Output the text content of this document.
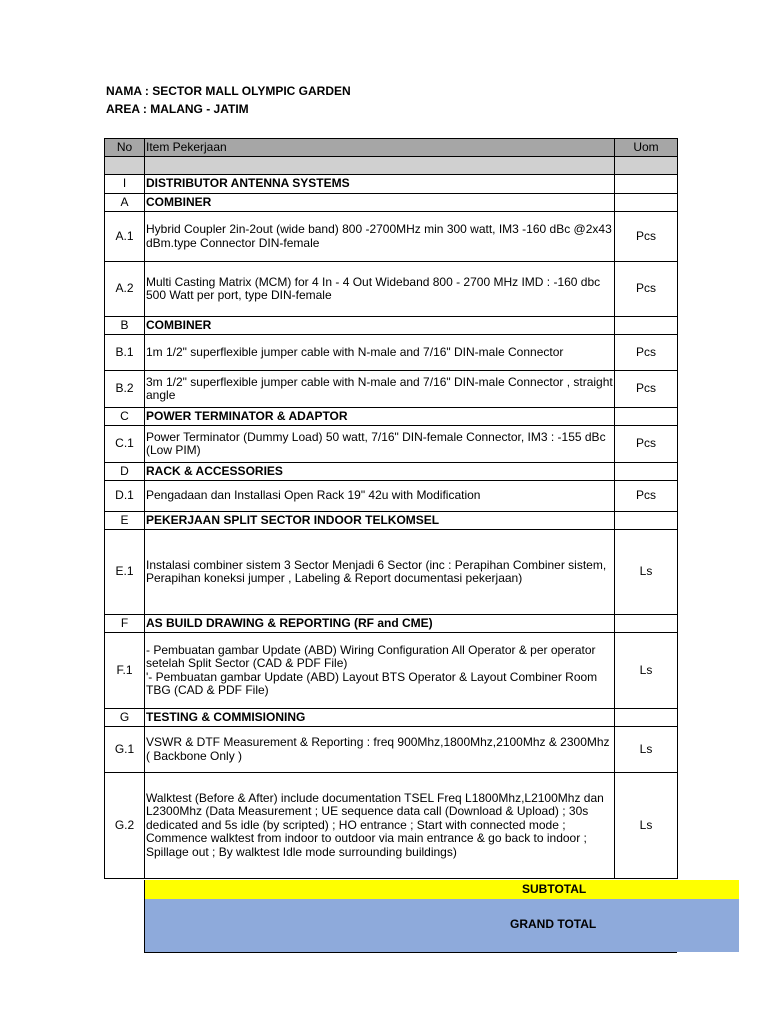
NAMA : SECTOR MALL OLYMPIC GARDEN
AREA : MALANG - JATIM
No	Item Pekerjaan	Uom

I	DISTRIBUTOR ANTENNA SYSTEMS	
A	COMBINER	
A.1	Hybrid Coupler 2in-2out (wide band) 800 -2700MHz min 300 watt, IM3 -160 dBc @2x43 dBm.type Connector DIN-female	Pcs
A.2	Multi Casting Matrix (MCM) for 4 In - 4 Out Wideband 800 - 2700 MHz IMD : -160 dbc 500 Watt per port, type DIN-female	Pcs
B	COMBINER	
B.1	1m 1/2" superflexible jumper cable with N-male and 7/16" DIN-male Connector	Pcs
B.2	3m 1/2" superflexible jumper cable with N-male and 7/16" DIN-male Connector , straight angle	Pcs
C	POWER TERMINATOR & ADAPTOR	
C.1	Power Terminator (Dummy Load) 50 watt, 7/16" DIN-female Connector, IM3 : -155 dBc (Low PIM)	Pcs
D	RACK & ACCESSORIES	
D.1	Pengadaan dan Installasi Open Rack 19" 42u with Modification	Pcs
E	PEKERJAAN SPLIT SECTOR INDOOR TELKOMSEL	
E.1	Instalasi combiner sistem 3 Sector Menjadi 6 Sector (inc : Perapihan Combiner sistem, Perapihan koneksi jumper , Labeling & Report documentasi pekerjaan)	Ls
F	AS BUILD DRAWING & REPORTING (RF and CME)	
F.1	- Pembuatan gambar Update (ABD) Wiring Configuration All Operator & per operator setelah Split Sector (CAD & PDF File)
'- Pembuatan gambar Update (ABD) Layout BTS Operator & Layout Combiner Room TBG (CAD & PDF File)	Ls
G	TESTING & COMMISIONING	
G.1	VSWR & DTF Measurement & Reporting : freq 900Mhz,1800Mhz,2100Mhz & 2300Mhz ( Backbone Only )	Ls
G.2	Walktest (Before & After) include documentation TSEL Freq L1800Mhz,L2100Mhz dan L2300Mhz (Data Measurement ; UE sequence data call (Download & Upload) ; 30s dedicated and 5s idle (by scripted) ; HO entrance ; Start with connected mode ; Commence walktest from indoor to outdoor via main entrance & go back to indoor ; Spillage out ; By walktest Idle mode surrounding buildings)	Ls
SUBTOTAL
GRAND TOTAL
